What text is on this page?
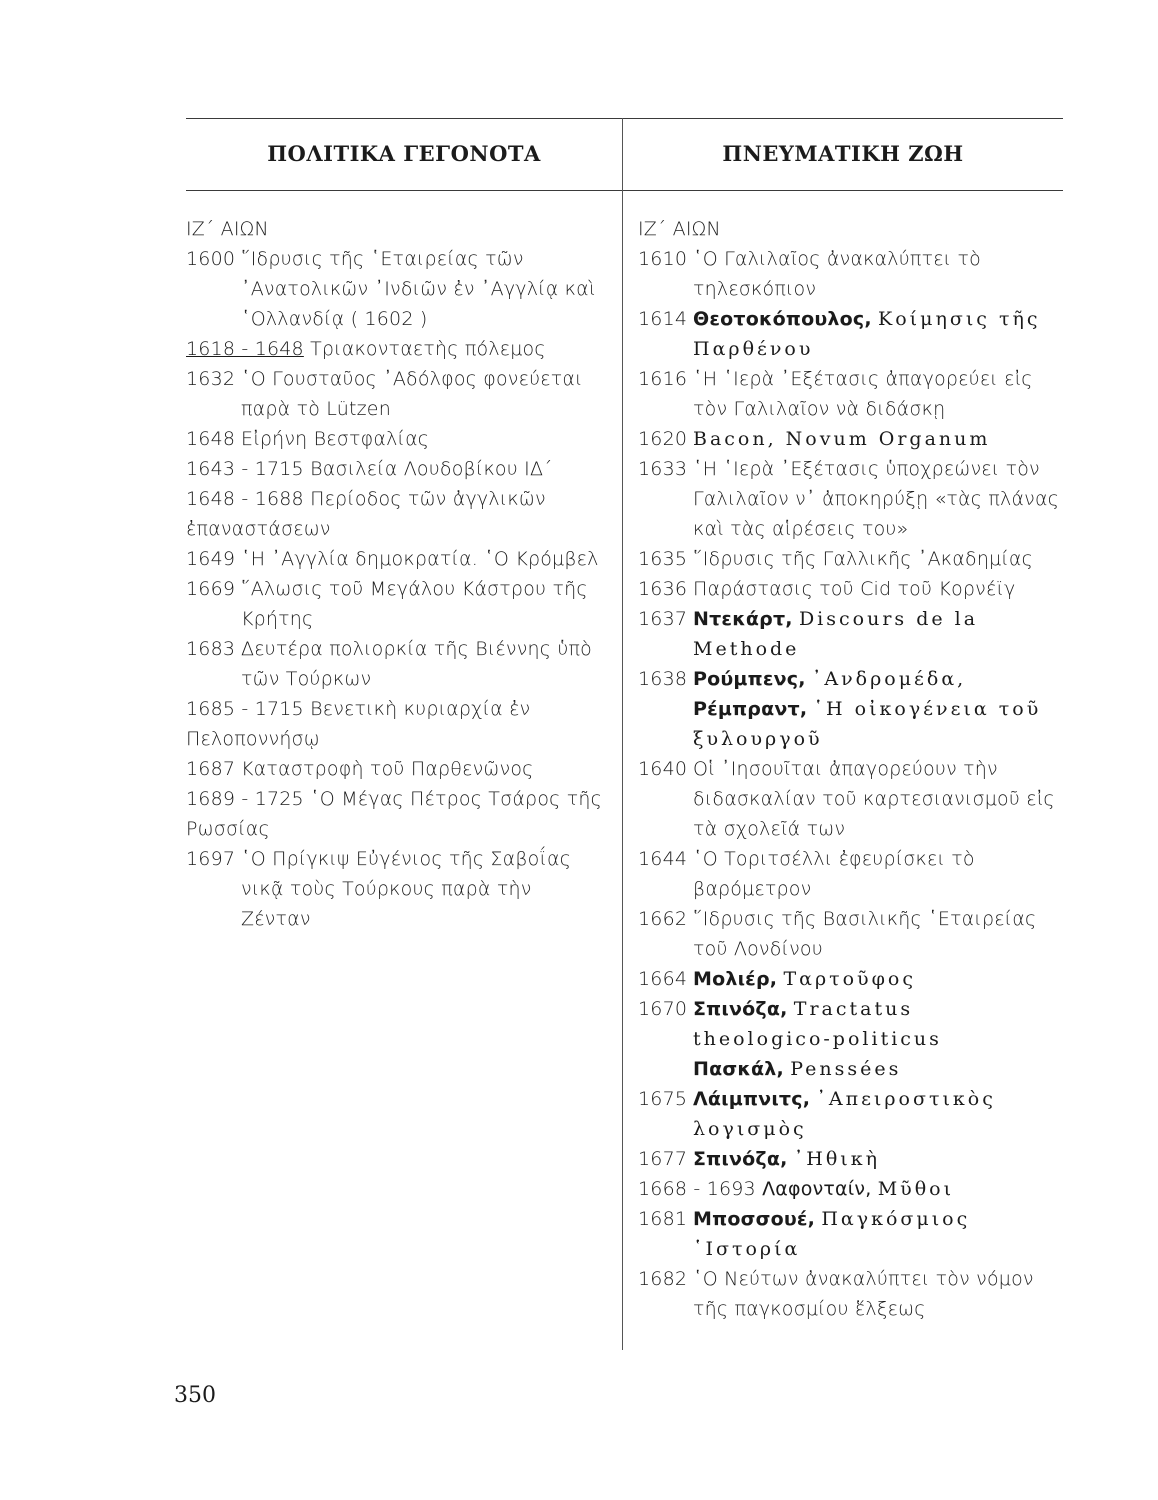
ΠΟΛΙΤΙΚΑ ΓΕΓΟΝΟΤΑ	ΠΝΕΥΜΑΤΙΚΗ ΖΩΗ
ΙΖ΄ ΑΙΩΝ
1600 ῞Ιδρυσις τῆς ῾Εταιρείας τῶν ᾿Ανατολικῶν ᾿Ινδιῶν ἐν ᾿Αγγλίᾳ καὶ ῾Ολλανδίᾳ ( 1602 )
1618 - 1648 Τριακονταετὴς πόλεμος
1632 ῾Ο Γουσταῦος ᾿Αδόλφος φονεύεται παρὰ τὸ Lützen
1648 Εἰρήνη Βεστφαλίας
1643 - 1715 Βασιλεία Λουδοβίκου ΙΔ΄
1648 - 1688 Περίοδος τῶν ἀγγλικῶν ἐπαναστάσεων
1649 ῾Η ᾿Αγγλία δημοκρατία. ῾Ο Κρόμβελ
1669 ῞Αλωσις τοῦ Μεγάλου Κάστρου τῆς Κρήτης
1683 Δευτέρα πολιορκία τῆς Βιέννης ὑπὸ τῶν Τούρκων
1685 - 1715 Βενετικὴ κυριαρχία ἐν Πελοποννήσῳ
1687 Καταστροφὴ τοῦ Παρθενῶνος
1689 - 1725 ῾Ο Μέγας Πέτρος Τσάρος τῆς Ρωσσίας
1697 ῾Ο Πρίγκιψ Εὐγένιος τῆς Σαβοΐας νικᾷ τοὺς Τούρκους παρὰ τὴν Ζένταν
ΙΖ΄ ΑΙΩΝ
1610 ῾Ο Γαλιλαῖος ἀνακαλύπτει τὸ τηλεσκόπιον
1614 Θεοτοκόπουλος, Κοίμησις τῆς Παρθένου
1616 ῾Η ῾Ιερὰ ᾿Εξέτασις ἀπαγορεύει εἰς τὸν Γαλιλαῖον νὰ διδάσκῃ
1620 Bacon, Novum Organum
1633 ῾Η ῾Ιερὰ ᾿Εξέτασις ὑποχρεώνει τὸν Γαλιλαῖον ν᾿ ἀποκηρύξῃ «τὰς πλάνας καὶ τὰς αἱρέσεις του»
1635 ῞Ιδρυσις τῆς Γαλλικῆς ᾿Ακαδημίας
1636 Παράστασις τοῦ Cid τοῦ Κορνέϊγ
1637 Ντεκάρτ, Discours de la Methode
1638 Ρούμπενς, ᾿Ανδρομέδα, Ρέμπραντ, ῾Η οἰκογένεια τοῦ ξυλουργοῦ
1640 Οἱ ᾿Ιησουῖται ἀπαγορεύουν τὴν διδασκαλίαν τοῦ καρτεσιανισμοῦ εἰς τὰ σχολεῖά των
1644 ῾Ο Τοριτσέλλι ἐφευρίσκει τὸ βαρόμετρον
1662 ῞Ιδρυσις τῆς Βασιλικῆς ῾Εταιρείας τοῦ Λονδίνου
1664 Μολιέρ, Ταρτοῦφος
1670 Σπινόζα, Tractatus theologico-politicus
Πασκάλ, Penssées
1675 Λάιμπνιτς, ᾿Απειροστικὸς λογισμὸς
1677 Σπινόζα, ᾿Ηθικὴ
1668 - 1693 Λαφονταίν, Μῦθοι
1681 Μποσσουέ, Παγκόσμιος ῾Ιστορία
1682 ῾Ο Νεύτων ἀνακαλύπτει τὸν νόμον τῆς παγκοσμίου ἕλξεως
350
